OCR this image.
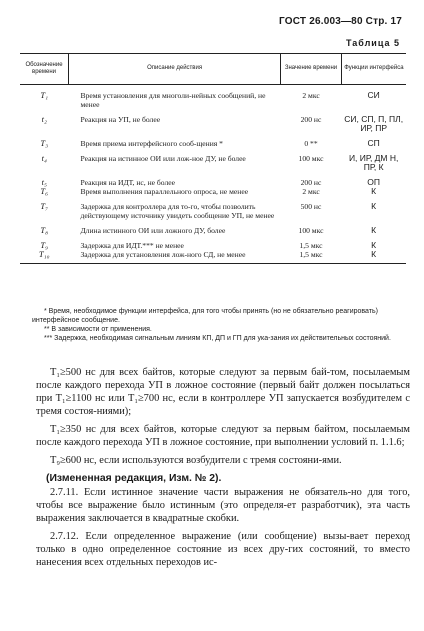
ГОСТ 26.003—80 Стр. 17
Таблица 5
Обозначение времени	Описание действия	Значение времени	Функции интерфейса
T₁	Время установления для многоли-нейных сообщений, не менее	2 мкс	СИ
t₂	Реакция на УП, не более	200 нс	СИ, СП, П, ПЛ, ИР, ПР
T₃	Время приема интерфейсного сооб-щения *	0 **	СП
t₄	Реакция на истинное ОИ или лож-ное ДУ, не более	100 мкс	И, ИР, ДМ Н, ПР, К
t₅	Реакция на ИДТ, нс, не более	200 нс	ОП
T₆	Время выполнения параллельного опроса, не менее	2 мкс	К
T₇	Задержка для контроллера для то-го, чтобы позволить действующему источнику увидеть сообщение УП, не менее	500 нс	К
T₈	Длина истинного ОИ или ложного ДУ, более	100 мкс	К
T₉	Задержка для ИДТ.*** не менее	1,5 мкс	К
T₁₀	Задержка для установления лож-ного СД, не менее	1,5 мкс	К

* Время, необходимое функции интерфейса, для того чтобы принять (но не обязательно реагировать) интерфейсное сообщение.

** В зависимости от применения.

*** Задержка, необходимая сигнальным линиям КП, ДП и ГП для ука-зания их действительных состояний.

T₁≥500 нс для всех байтов, которые следуют за первым бай-том, посылаемым после каждого перехода УП в ложное состояние (первый байт должен посылаться при T₁≥1100 нс или T₁≥700 нс, если в контроллере УП запускается возбудителем с тремя состоя-ниями);

T₁≥350 нс для всех байтов, которые следуют за первым байтом, посылаемым после каждого перехода УП в ложное состояние, при выполнении условий п. 1.1.6;

T₉≥600 нс, если используются возбудители с тремя состояни-ями.

(Измененная редакция, Изм. № 2).

2.7.11. Если истинное значение части выражения не обязатель-но для того, чтобы все выражение было истинным (это определя-ет разработчик), эта часть выражения заключается в квадратные скобки.

2.7.12. Если определенное выражение (или сообщение) вызы-вает переход только в одно определенное состояние из всех дру-гих состояний, то вместо нанесения всех отдельных переходов ис-
